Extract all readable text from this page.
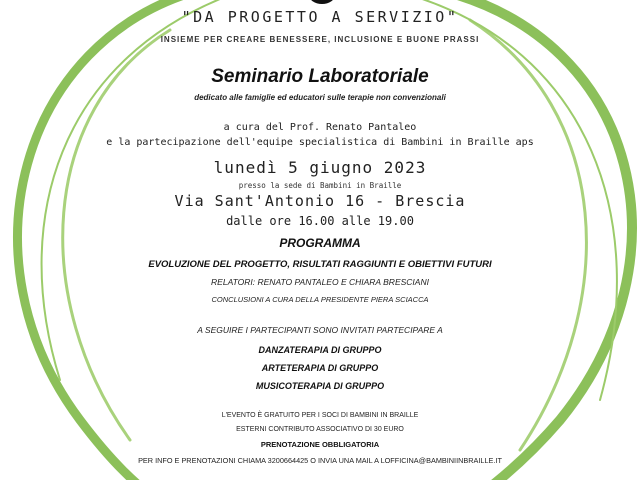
"DA PROGETTO A SERVIZIO"
INSIEME PER CREARE BENESSERE, INCLUSIONE E BUONE PRASSI
Seminario Laboratoriale
dedicato alle famiglie ed educatori sulle terapie non convenzionali
a cura del Prof. Renato Pantaleo
e la partecipazione dell'equipe specialistica di Bambini in Braille aps
lunedì 5 giugno 2023
presso la sede di Bambini in Braille
Via Sant'Antonio 16 - Brescia
dalle ore 16.00 alle 19.00
PROGRAMMA
EVOLUZIONE DEL PROGETTO, RISULTATI RAGGIUNTI E OBIETTIVI FUTURI
RELATORI: RENATO PANTALEO E CHIARA BRESCIANI
CONCLUSIONI A CURA DELLA PRESIDENTE PIERA SCIACCA
A SEGUIRE I PARTECIPANTI SONO INVITATI PARTECIPARE A
DANZATERAPIA DI GRUPPO
ARTETERAPIA DI GRUPPO
MUSICOTERAPIA DI GRUPPO
L'EVENTO È GRATUITO PER I SOCI DI BAMBINI IN BRAILLE
ESTERNI CONTRIBUTO ASSOCIATIVO DI 30 EURO
PRENOTAZIONE OBBLIGATORIA
PER INFO E PRENOTAZIONI CHIAMA 3200664425 O INVIA UNA MAIL A LOFFICINA@BAMBINIINBRAILLE.IT
